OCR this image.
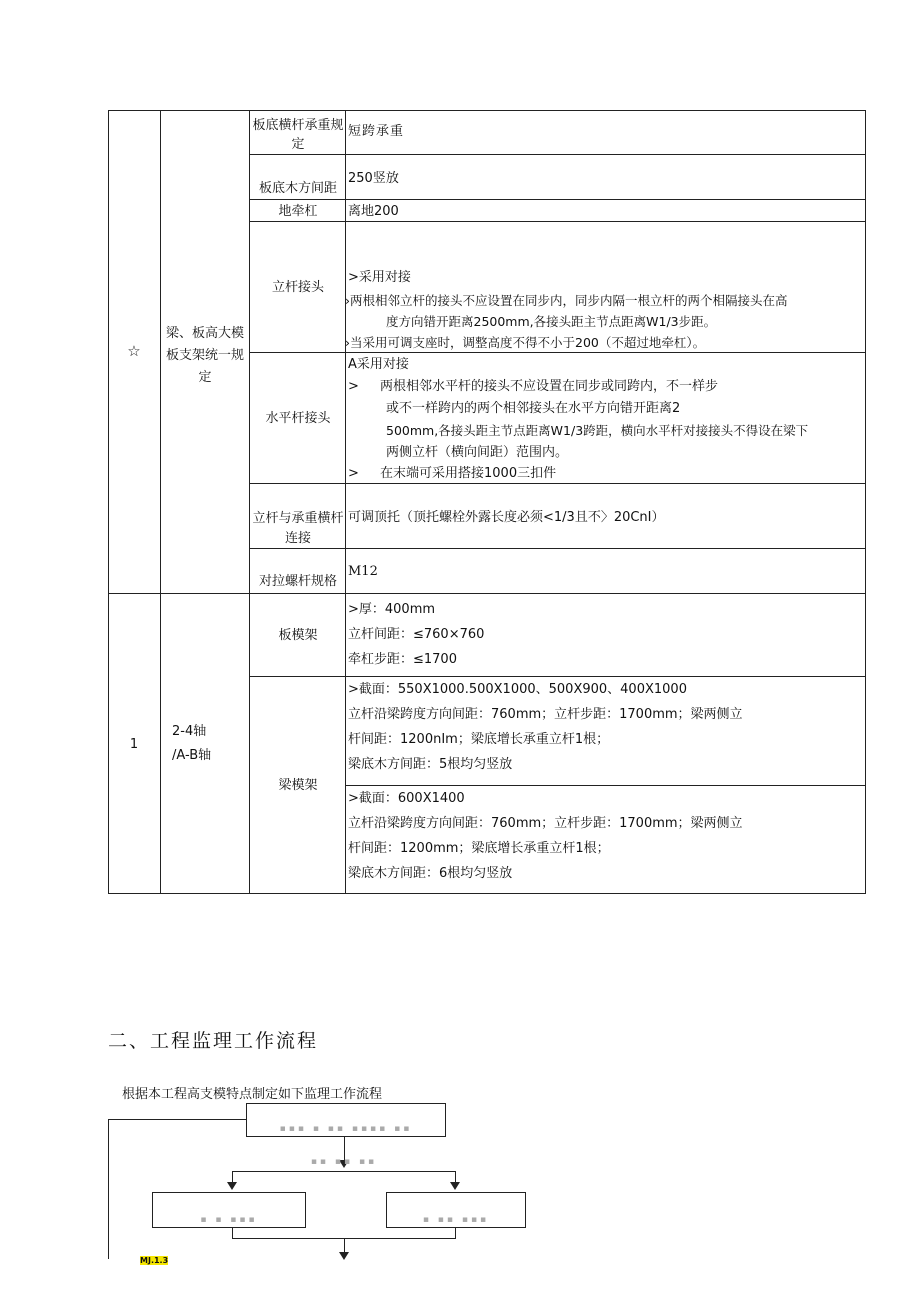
☆
梁、板高大模板支架统一规定
板底横杆承重规定
短跨承重
板底木方间距
250竖放
地牵杠	离地200
立杆接头
>采用对接
›两根相邻立杆的接头不应设置在同步内，同步内隔一根立杆的两个相隔接头在高
度方向错开距离2500mm,各接头距主节点距离W1/3步距。
›当采用可调支座时，调整高度不得不小于200（不超过地牵杠）。
水平杆接头
A采用对接
> 两根相邻水平杆的接头不应设置在同步或同跨内，不一样步
或不一样跨内的两个相邻接头在水平方向错开距离2
500mm,各接头距主节点距离W1/3跨距，横向水平杆对接接头不得设在梁下
两侧立杆（横向间距）范围内。
> 在末端可采用搭接1000三扣件
立杆与承重横杆连接
可调顶托（顶托螺栓外露长度必须<1/3且不〉20CnI）
对拉螺杆规格
M12
1
2-4轴
/A-B轴
板模架
>厚：400mm
立杆间距：≤760×760
牵杠步距：≤1700
梁模架
>截面：550X1000.500X1000、500X900、400X1000
立杆沿梁跨度方向间距：760mm；立杆步距：1700mm；梁两侧立
杆间距：1200nIm；梁底增长承重立杆1根；
梁底木方间距：5根均匀竖放
>截面：600X1400
立杆沿梁跨度方向间距：760mm；立杆步距：1700mm；梁两侧立
杆间距：1200mm；梁底增长承重立杆1根；
梁底木方间距：6根均匀竖放
二、工程监理工作流程
根据本工程高支模特点制定如下监理工作流程
▪▪▪ ▪ ▪▪ ▪▪▪▪ ▪▪
▪▪ ▪▪ ▪▪
▪ ▪ ▪▪▪	▪ ▪▪ ▪▪▪
MJ.1.3
